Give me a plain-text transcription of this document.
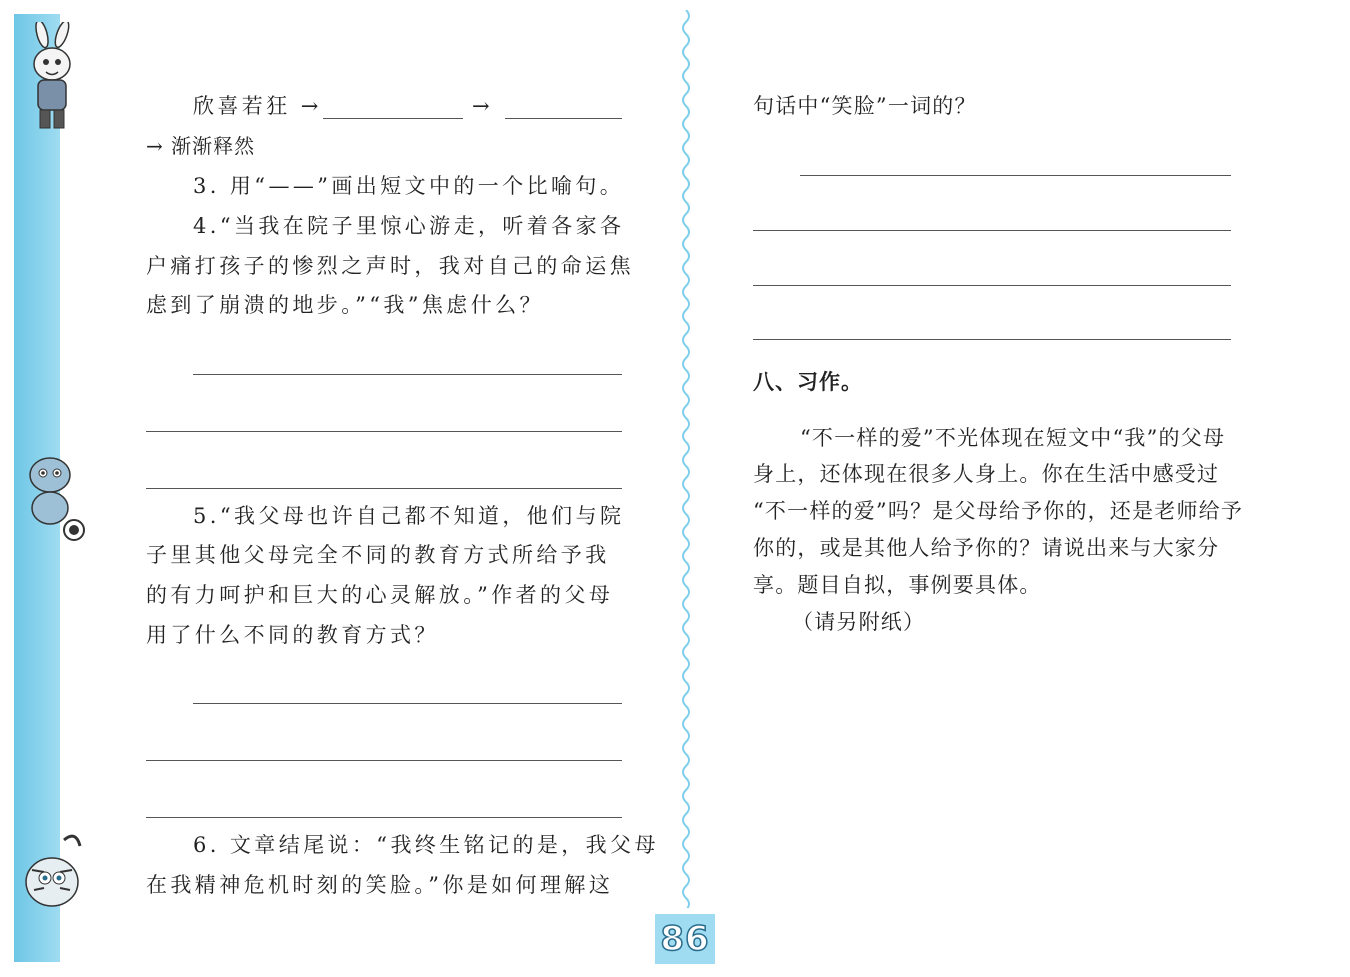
欣喜若狂 →	→
→ 渐渐释然
3. 用“——”画出短文中的一个比喻句。
4.“当我在院子里惊心游走，听着各家各
户痛打孩子的惨烈之声时，我对自己的命运焦
虑到了崩溃的地步。”“我”焦虑什么？
5.“我父母也许自己都不知道，他们与院
子里其他父母完全不同的教育方式所给予我
的有力呵护和巨大的心灵解放。”作者的父母
用了什么不同的教育方式？
6. 文章结尾说：“我终生铭记的是，我父母
在我精神危机时刻的笑脸。”你是如何理解这
86
句话中“笑脸”一词的？
八、习作。
“不一样的爱”不光体现在短文中“我”的父母
身上，还体现在很多人身上。你在生活中感受过
“不一样的爱”吗？是父母给予你的，还是老师给予
你的，或是其他人给予你的？请说出来与大家分
享。题目自拟，事例要具体。
（请另附纸）
